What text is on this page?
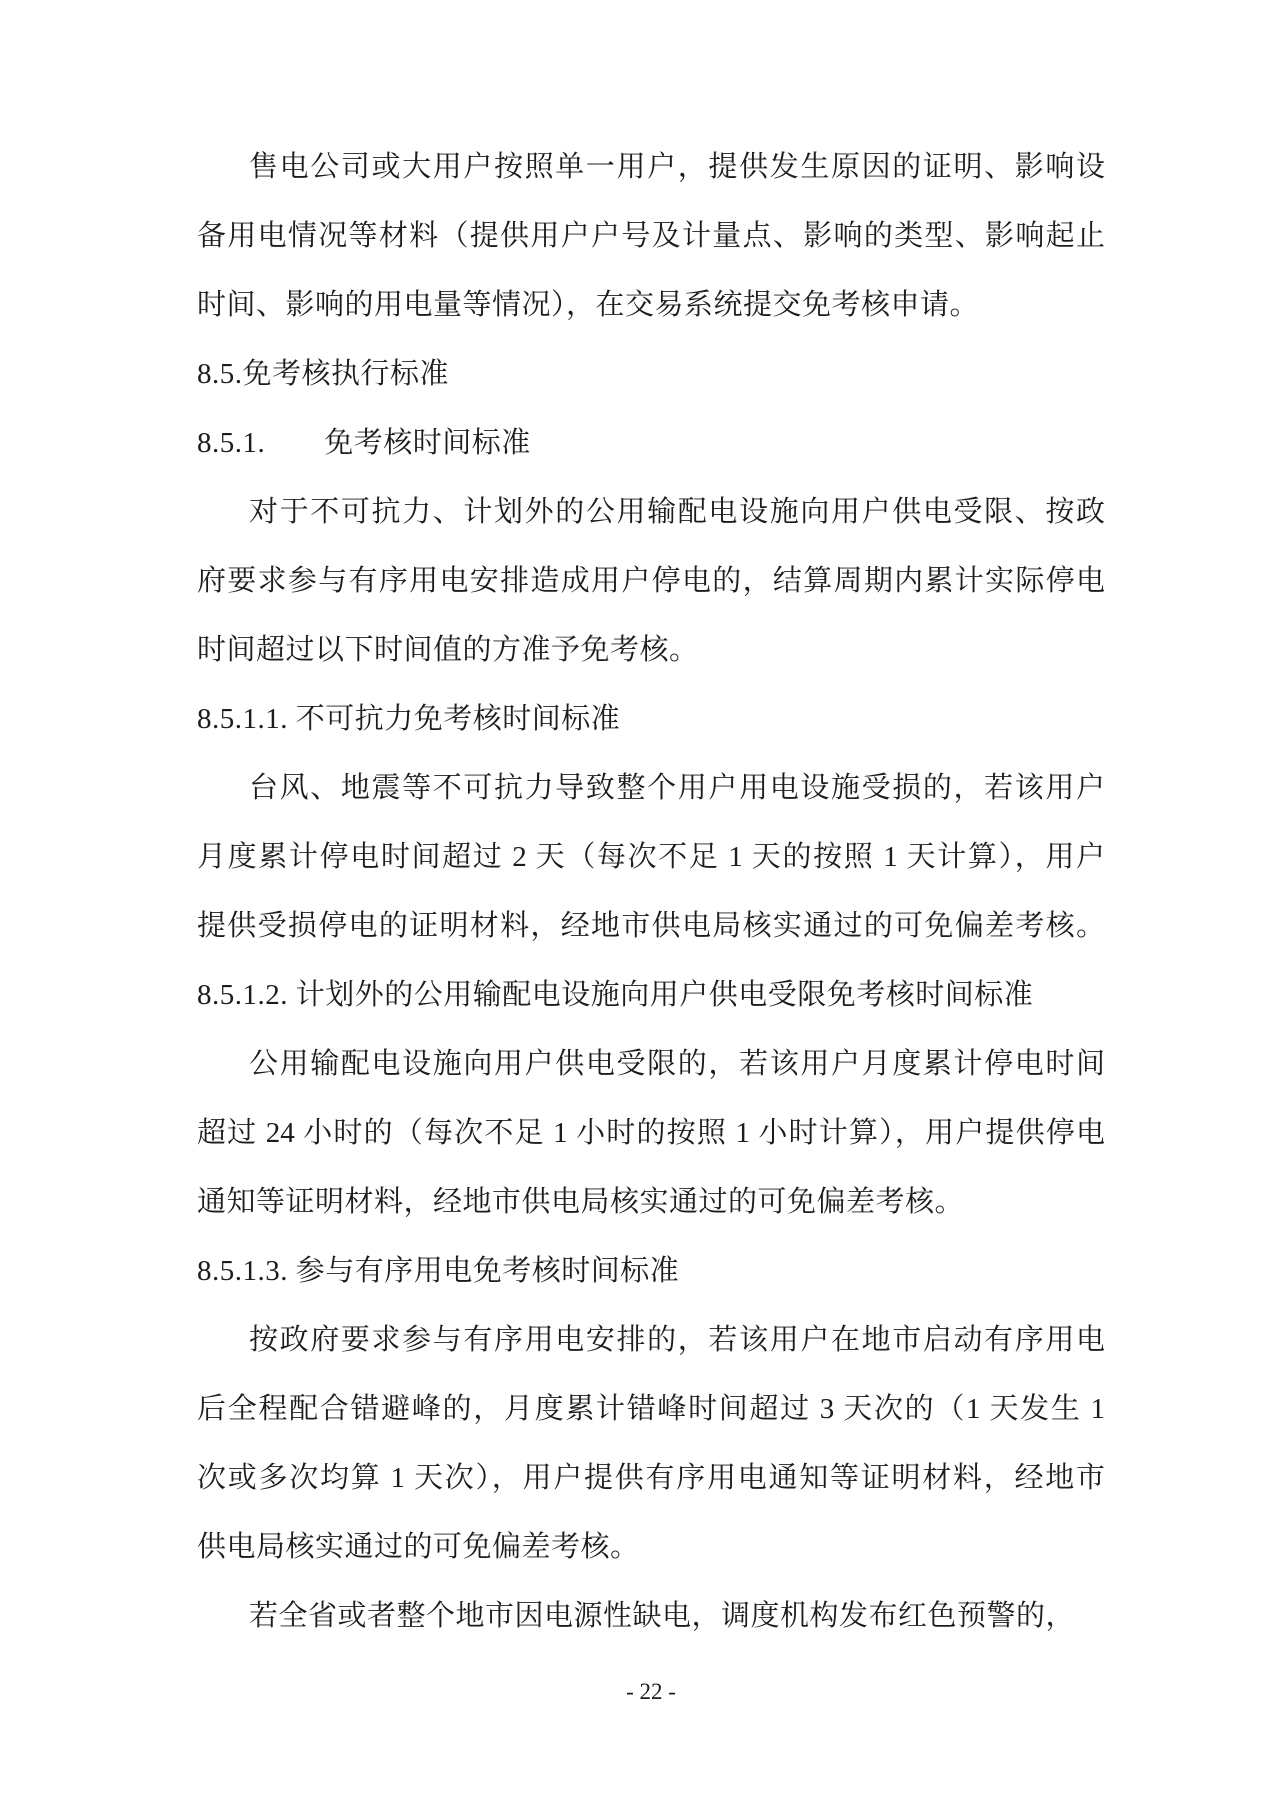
售电公司或大用户按照单一用户，提供发生原因的证明、影响设
备用电情况等材料（提供用户户号及计量点、影响的类型、影响起止
时间、影响的用电量等情况），在交易系统提交免考核申请。
8.5.免考核执行标准
8.5.1.　　免考核时间标准
对于不可抗力、计划外的公用输配电设施向用户供电受限、按政
府要求参与有序用电安排造成用户停电的，结算周期内累计实际停电
时间超过以下时间值的方准予免考核。
8.5.1.1. 不可抗力免考核时间标准
台风、地震等不可抗力导致整个用户用电设施受损的，若该用户
月度累计停电时间超过 2 天（每次不足 1 天的按照 1 天计算），用户
提供受损停电的证明材料，经地市供电局核实通过的可免偏差考核。
8.5.1.2. 计划外的公用输配电设施向用户供电受限免考核时间标准
公用输配电设施向用户供电受限的，若该用户月度累计停电时间
超过 24 小时的（每次不足 1 小时的按照 1 小时计算），用户提供停电
通知等证明材料，经地市供电局核实通过的可免偏差考核。
8.5.1.3. 参与有序用电免考核时间标准
按政府要求参与有序用电安排的，若该用户在地市启动有序用电
后全程配合错避峰的，月度累计错峰时间超过 3 天次的（1 天发生 1
次或多次均算 1 天次），用户提供有序用电通知等证明材料，经地市
供电局核实通过的可免偏差考核。
若全省或者整个地市因电源性缺电，调度机构发布红色预警的，
- 22 -
